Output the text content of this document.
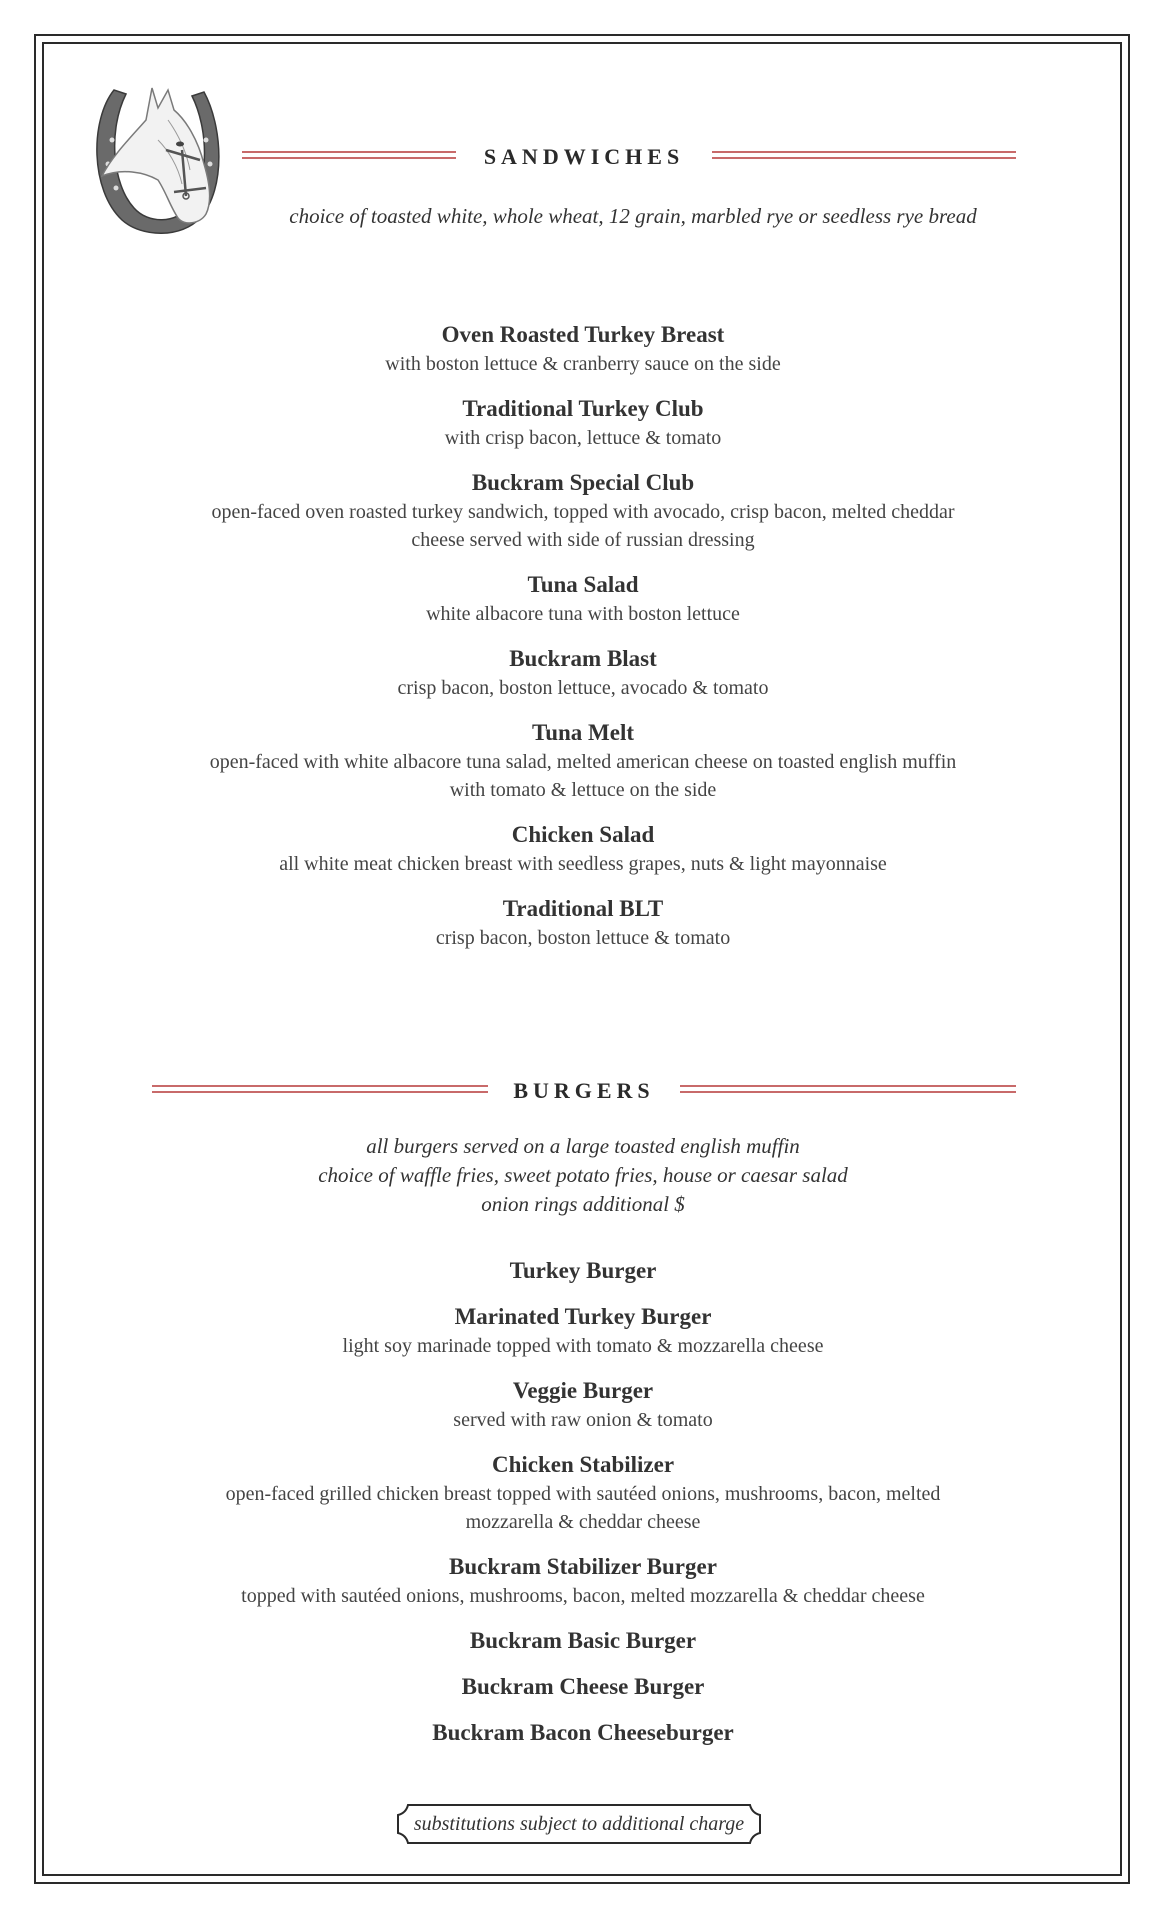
SANDWICHES
choice of toasted white, whole wheat, 12 grain, marbled rye or seedless rye bread
Oven Roasted Turkey Breast
with boston lettuce & cranberry sauce on the side
Traditional Turkey Club
with crisp bacon, lettuce & tomato
Buckram Special Club
open-faced oven roasted turkey sandwich, topped with avocado, crisp bacon, melted cheddar
cheese served with side of russian dressing
Tuna Salad
white albacore tuna with boston lettuce
Buckram Blast
crisp bacon, boston lettuce, avocado & tomato
Tuna Melt
open-faced with white albacore tuna salad, melted american cheese on toasted english muffin
with tomato & lettuce on the side
Chicken Salad
all white meat chicken breast with seedless grapes, nuts & light mayonnaise
Traditional BLT
crisp bacon, boston lettuce & tomato
BURGERS
all burgers served on a large toasted english muffin
choice of waffle fries, sweet potato fries, house or caesar salad
onion rings additional $
Turkey Burger
Marinated Turkey Burger
light soy marinade topped with tomato & mozzarella cheese
Veggie Burger
served with raw onion & tomato
Chicken Stabilizer
open-faced grilled chicken breast topped with sautéed onions, mushrooms, bacon, melted
mozzarella & cheddar cheese
Buckram Stabilizer Burger
topped with sautéed onions, mushrooms, bacon, melted mozzarella & cheddar cheese
Buckram Basic Burger
Buckram Cheese Burger
Buckram Bacon Cheeseburger
substitutions subject to additional charge
